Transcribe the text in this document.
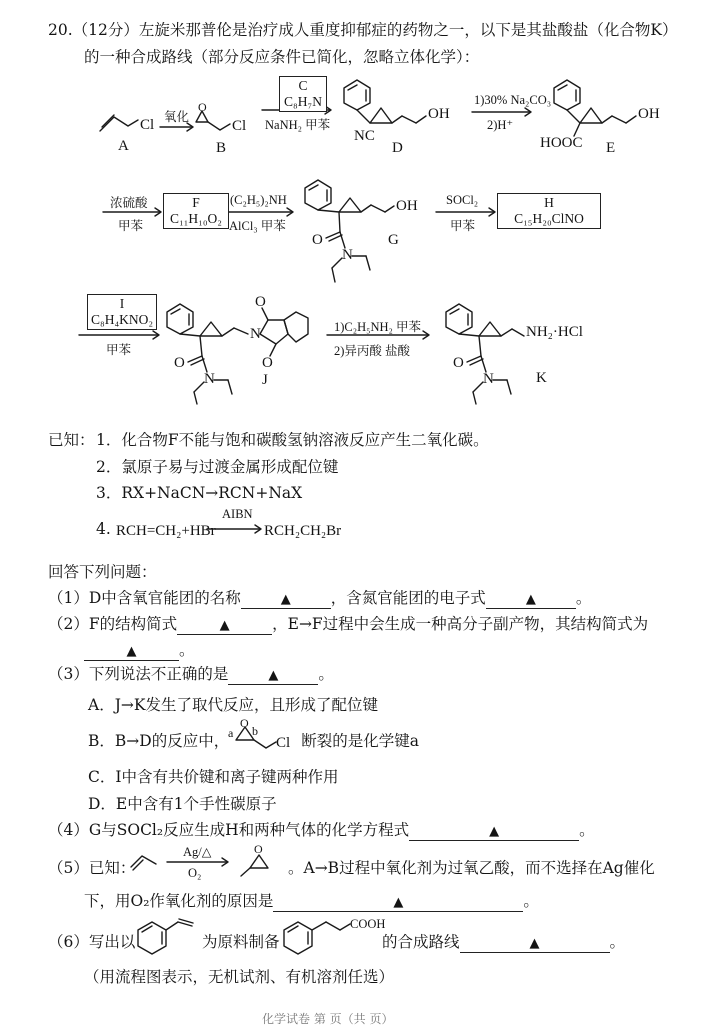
20.（12分）左旋米那普伦是治疗成人重度抑郁症的药物之一，以下是其盐酸盐（化合物K）
的一种合成路线（部分反应条件已简化，忽略立体化学）：
A
Cl 氧化
O
Cl
B
C
C₈H₇N
NaNH₂ 甲苯
NC
OH
D
1)30% Na₂CO₃
2)H⁺
OH
HOOC E
浓硫酸
甲苯
F
C₁₁H₁₀O₂
(C₂H₅)₂NH
AlCl₃ 甲苯
OH
O
N
G
SOCl₂
甲苯
H
C₁₅H₂₀ClNO
I
C₈H₄KNO₂
甲苯
O
N
O
O
N	J
1)C₂H₅NH₂ 甲苯
2)异丙酸 盐酸
NH₂·HCl
O
N	K
已知： 1．化合物F不能与饱和碳酸氢钠溶液反应产生二氧化碳。
2．氯原子易与过渡金属形成配位键
3．RX+NaCN→RCN+NaX
4. RCH=CH₂+HBr
AIBN
RCH₂CH₂Br
回答下列问题：
（1）D中含氧官能团的名称	▲	，含氮官能团的电子式	▲	。
（2）F的结构简式	▲	，E→F过程中会生成一种高分子副产物，其结构简式为
▲	。
（3）下列说法不正确的是	▲	。
A．J→K发生了取代反应，且形成了配位键
B．B→D的反应中，	断裂的是化学键a
a
O
b
Cl
C．I中含有共价键和离子键两种作用
D．E中含有1个手性碳原子
（4）G与SOCl₂反应生成H和两种气体的化学方程式	▲	。
（5）已知：
Ag/△
O₂
O
。A→B过程中氧化剂为过氧乙酸，而不选择在Ag催化
下，用O₂作氧化剂的原因是	▲	。
（6）写出以	为原料制备
COOH
的合成路线	▲	。
（用流程图表示，无机试剂、有机溶剂任选）
化学试卷 第 页（共 页）
